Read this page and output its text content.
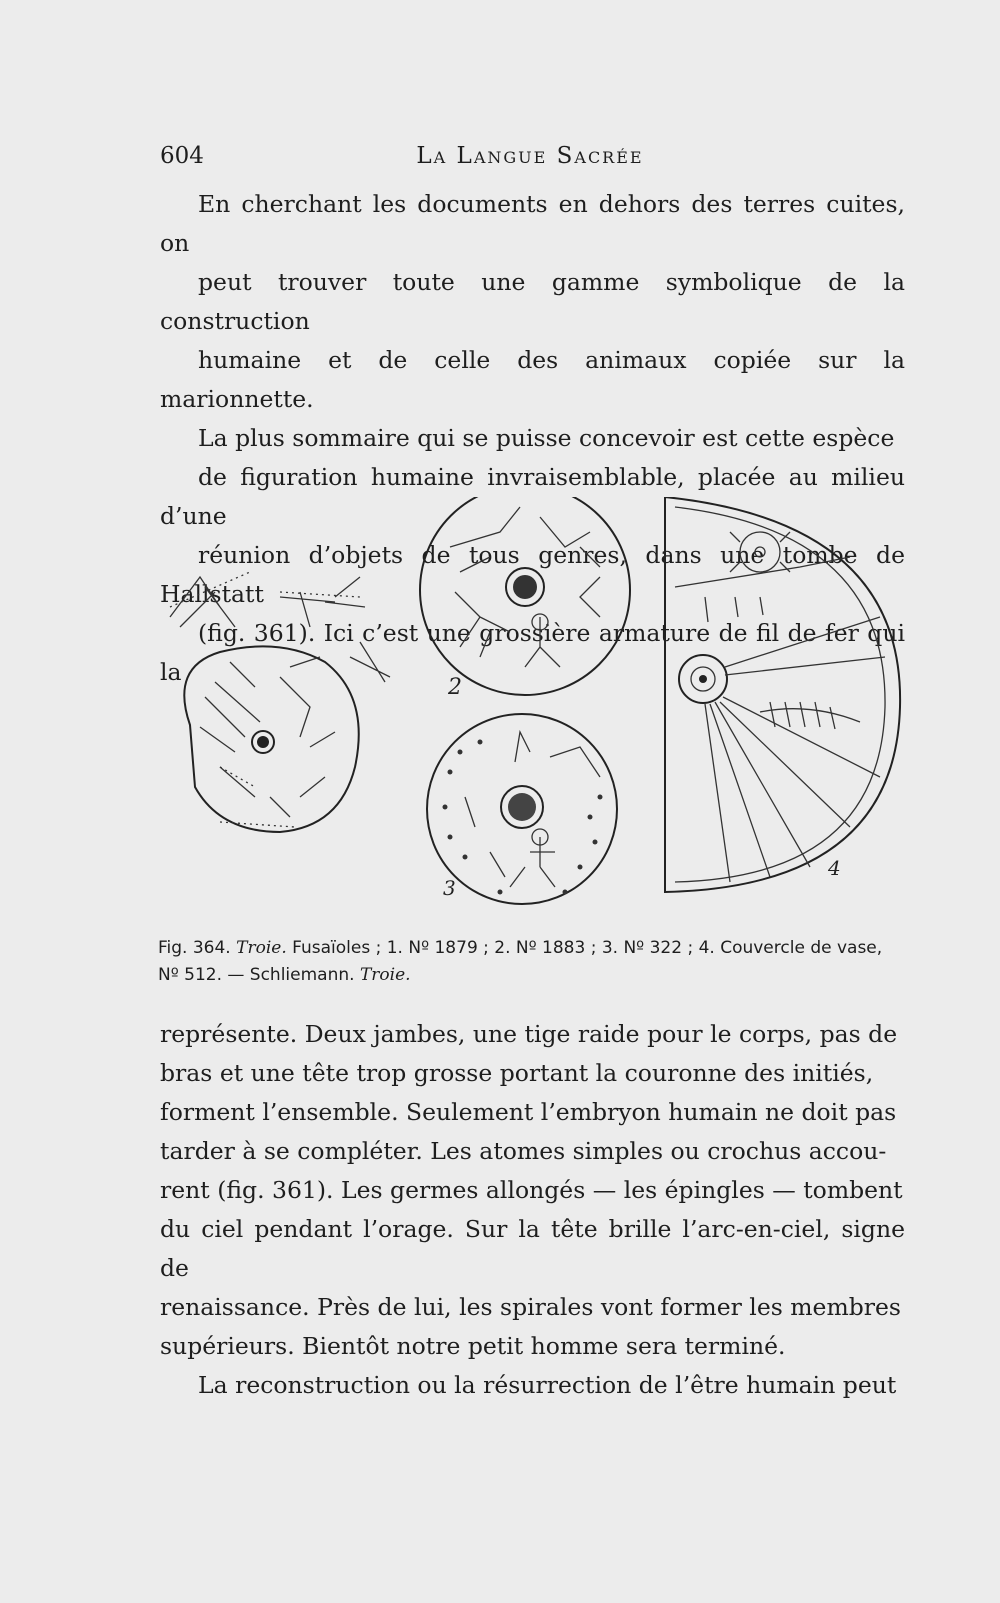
604	La Langue Sacrée

En cherchant les documents en dehors des terres cuites, on
peut trouver toute une gamme symbolique de la construction
humaine et de celle des animaux copiée sur la marionnette.

La plus sommaire qui se puisse concevoir est cette espèce
de figuration humaine invraisemblable, placée au milieu d’une
réunion d’objets de tous genres, dans une tombe de Hallstatt
(fig. 361). Ici c’est une grossière armature de fil de fer qui la

2
3
4
Fig. 364. Troie. Fusaïoles ; 1. Nº 1879 ; 2. Nº 1883 ; 3. Nº 322 ; 4. Couvercle de vase, Nº 512. — Schliemann. Troie.

représente. Deux jambes, une tige raide pour le corps, pas de
bras et une tête trop grosse portant la couronne des initiés,
forment l’ensemble. Seulement l’embryon humain ne doit pas
tarder à se compléter. Les atomes simples ou crochus accou-
rent (fig. 361). Les germes allongés — les épingles — tombent
du ciel pendant l’orage. Sur la tête brille l’arc-en-ciel, signe de
renaissance. Près de lui, les spirales vont former les membres
supérieurs. Bientôt notre petit homme sera terminé.

La reconstruction ou la résurrection de l’être humain peut
